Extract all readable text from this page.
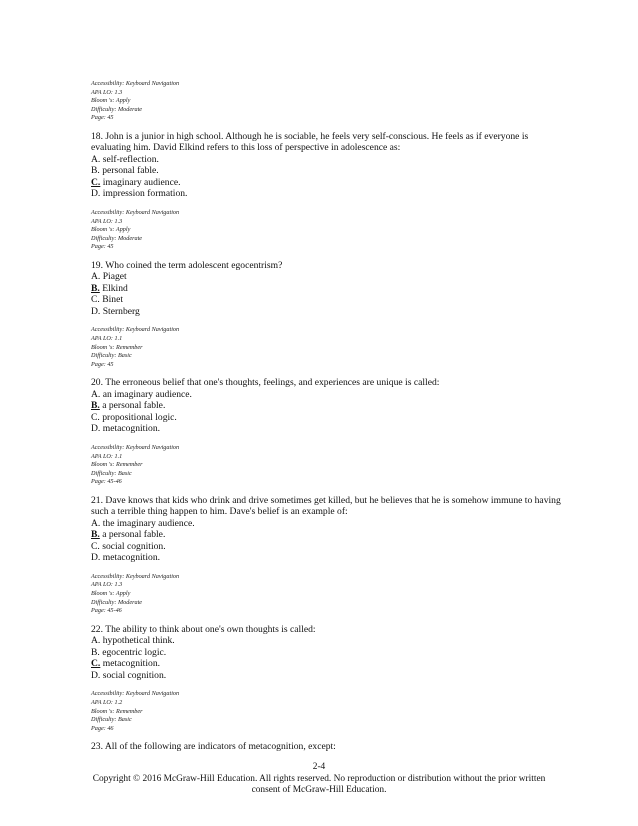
Accessibility: Keyboard Navigation
APA LO: 1.3
Bloom 's: Apply
Difficulty: Moderate
Page: 45

18. John is a junior in high school. Although he is sociable, he feels very self-conscious. He feels as if everyone is evaluating him. David Elkind refers to this loss of perspective in adolescence as:

A. self-reflection.
B. personal fable.
C. imaginary audience.
D. impression formation.
Accessibility: Keyboard Navigation
APA LO: 1.3
Bloom 's: Apply
Difficulty: Moderate
Page: 45

19. Who coined the term adolescent egocentrism?

A. Piaget
B. Elkind
C. Binet
D. Sternberg
Accessibility: Keyboard Navigation
APA LO: 1.1
Bloom 's: Remember
Difficulty: Basic
Page: 45

20. The erroneous belief that one's thoughts, feelings, and experiences are unique is called:

A. an imaginary audience.
B. a personal fable.
C. propositional logic.
D. metacognition.
Accessibility: Keyboard Navigation
APA LO: 1.1
Bloom 's: Remember
Difficulty: Basic
Page: 45-46

21. Dave knows that kids who drink and drive sometimes get killed, but he believes that he is somehow immune to having such a terrible thing happen to him. Dave's belief is an example of:

A. the imaginary audience.
B. a personal fable.
C. social cognition.
D. metacognition.
Accessibility: Keyboard Navigation
APA LO: 1.3
Bloom 's: Apply
Difficulty: Moderate
Page: 45-46

22. The ability to think about one's own thoughts is called:

A. hypothetical think.
B. egocentric logic.
C. metacognition.
D. social cognition.
Accessibility: Keyboard Navigation
APA LO: 1.2
Bloom 's: Remember
Difficulty: Basic
Page: 46

23. All of the following are indicators of metacognition, except:

2-4
Copyright © 2016 McGraw-Hill Education. All rights reserved. No reproduction or distribution without the prior written consent of McGraw-Hill Education.
